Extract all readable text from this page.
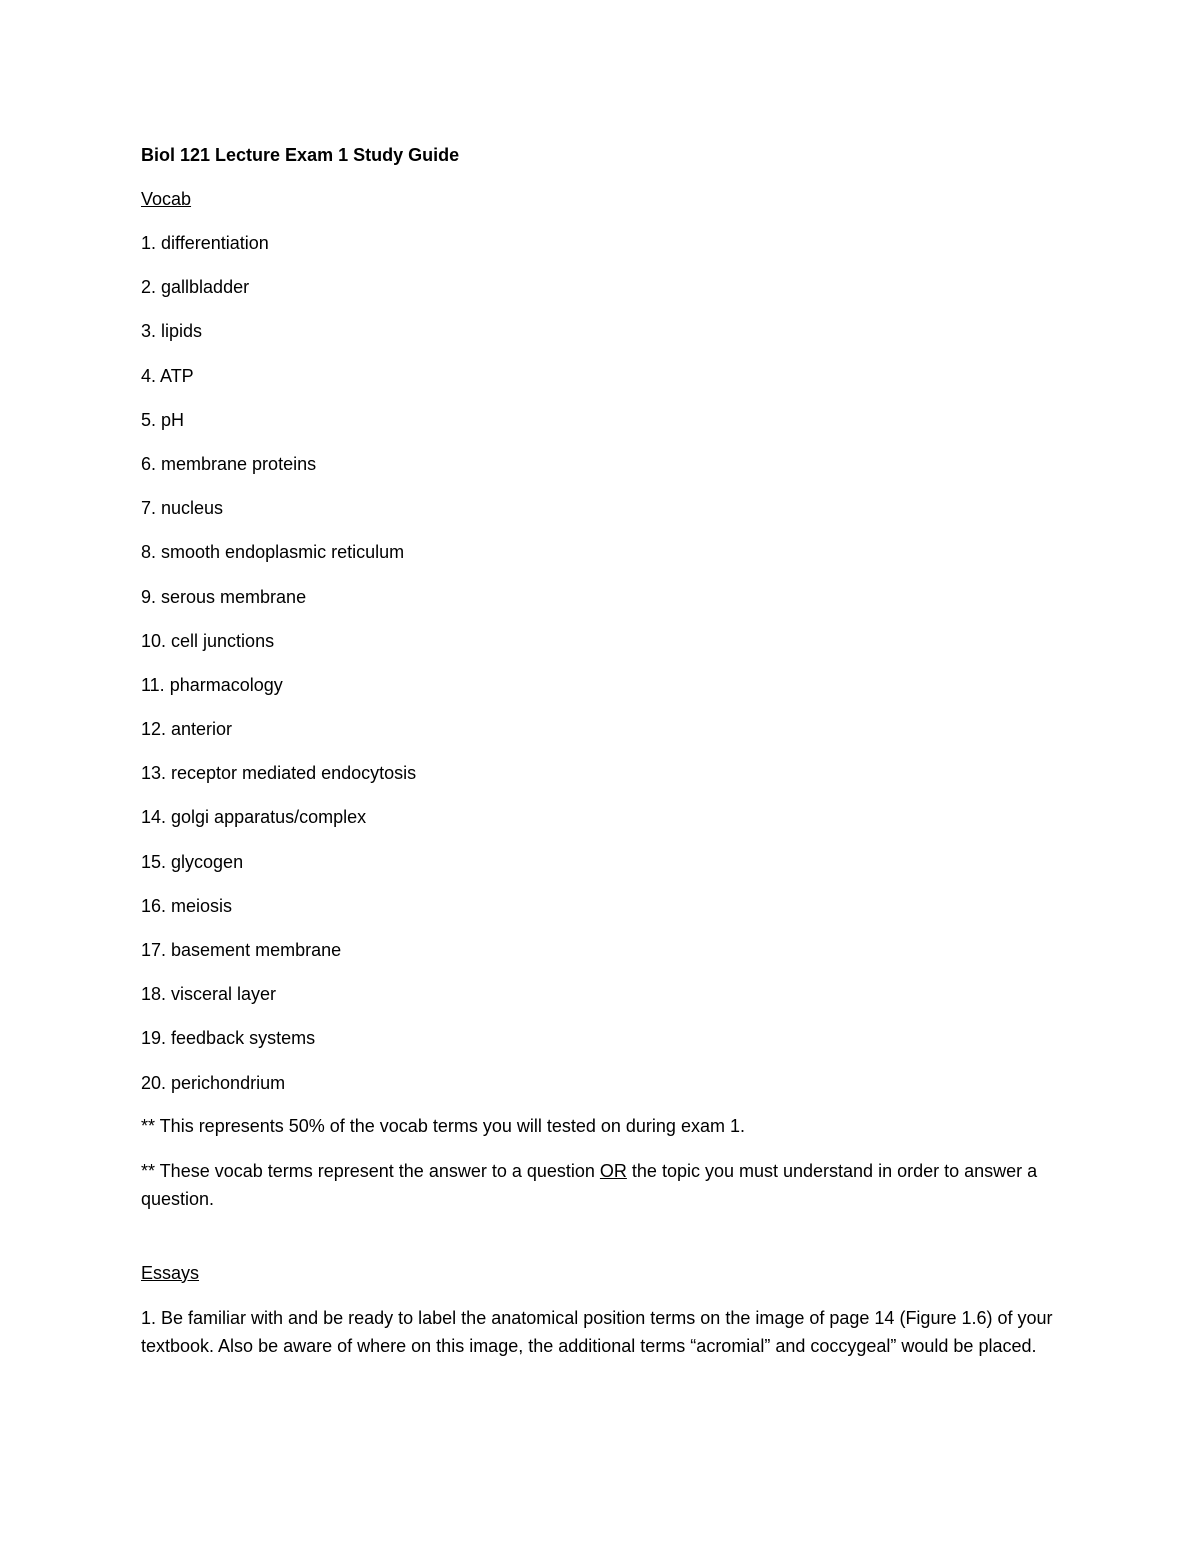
Biol 121 Lecture Exam 1 Study Guide

Vocab

1. differentiation
2. gallbladder
3. lipids
4. ATP
5. pH
6. membrane proteins
7. nucleus
8. smooth endoplasmic reticulum
9. serous membrane
10. cell junctions
11. pharmacology
12. anterior
13. receptor mediated endocytosis
14. golgi apparatus/complex
15. glycogen
16. meiosis
17. basement membrane
18. visceral layer
19. feedback systems
20. perichondrium

** This represents 50% of the vocab terms you will tested on during exam 1.

** These vocab terms represent the answer to a question OR the topic you must understand in order to answer a question.

Essays

1. Be familiar with and be ready to label the anatomical position terms on the image of page 14 (Figure 1.6) of your textbook. Also be aware of where on this image, the additional terms “acromial” and coccygeal” would be placed.
